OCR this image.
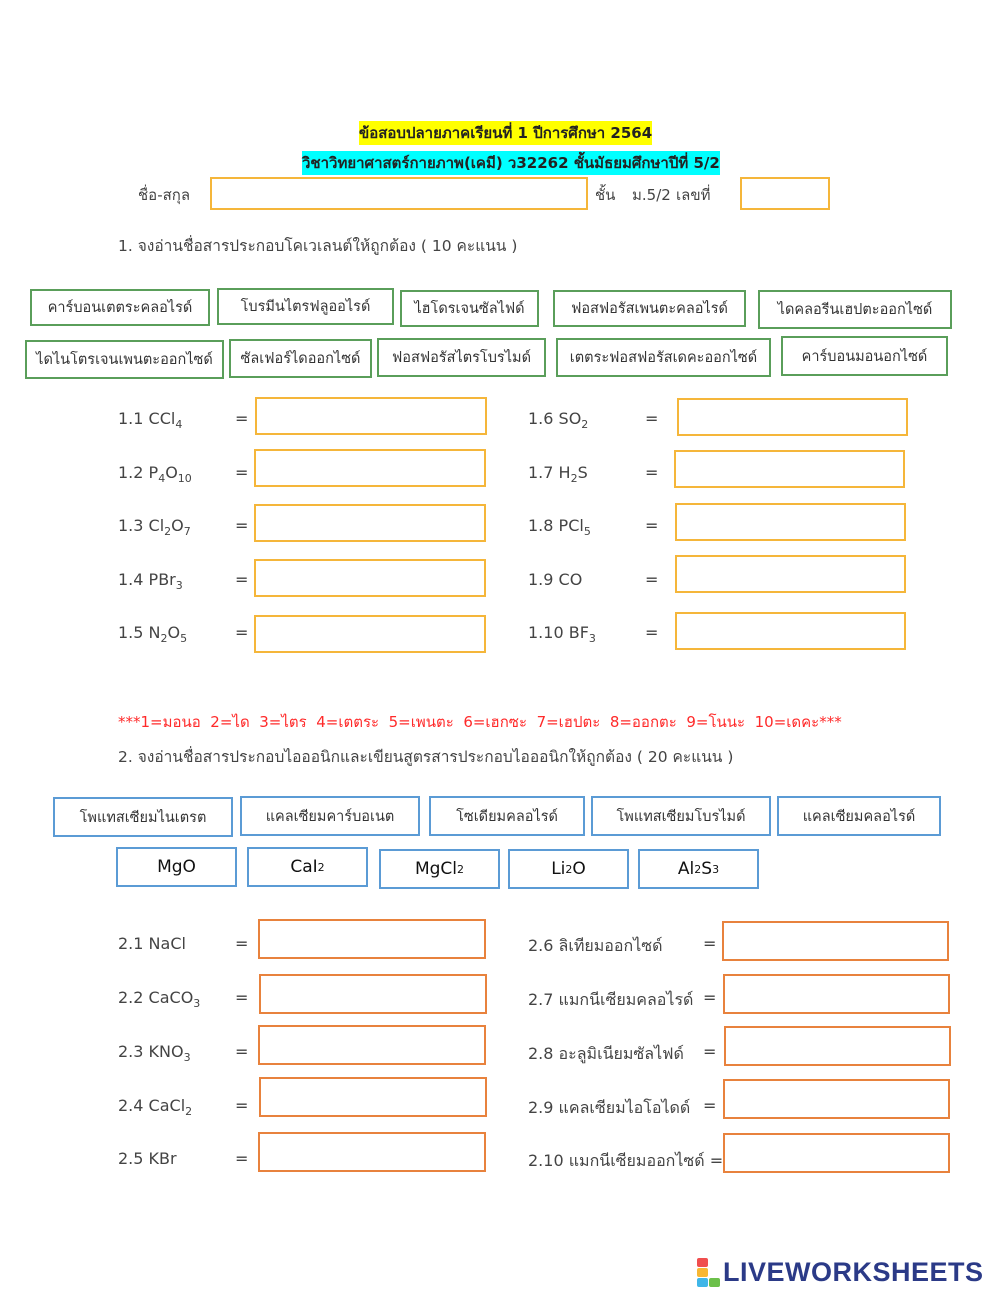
ข้อสอบปลายภาคเรียนที่ 1 ปีการศึกษา 2564
วิชาวิทยาศาสตร์กายภาพ(เคมี) ว32262 ชั้นมัธยมศึกษาปีที่ 5/2
ชื่อ-สกุล	ชั้น ม.5/2 เลขที่
1. จงอ่านชื่อสารประกอบโคเวเลนต์ให้ถูกต้อง ( 10 คะแนน )
คาร์บอนเตตระคลอไรด์	โบรมีนไตรฟลูออไรด์	ไฮโดรเจนซัลไฟด์	ฟอสฟอรัสเพนตะคลอไรด์	ไดคลอรีนเฮปตะออกไซด์
ไดไนโตรเจนเพนตะออกไซด์	ซัลเฟอร์ไดออกไซด์	ฟอสฟอรัสไตรโบรไมด์	เตตระฟอสฟอรัสเดคะออกไซด์	คาร์บอนมอนอกไซด์
1.1 CCl$_4$	=
1.2 $P_4O_{10}$	=
1.3 $Cl_2O_7$	=
1.4 PBr$_3$	=
1.5 $N_2O_5$	=
1.6 $SO_2$	=
1.7 $H_2S$	=
1.8 PCl$_5$	=
1.9 CO	=
1.10 $BF_3$	=
***1=มอนอ  2=ได  3=ไตร  4=เตตระ  5=เพนตะ  6=เฮกซะ  7=เฮปตะ  8=ออกตะ  9=โนนะ  10=เดคะ***
2. จงอ่านชื่อสารประกอบไอออนิกและเขียนสูตรสารประกอบไอออนิกให้ถูกต้อง ( 20 คะแนน )
โพแทสเซียมไนเตรต	แคลเซียมคาร์บอเนต	โซเดียมคลอไรด์	โพแทสเซียมโบรไมด์	แคลเซียมคลอไรด์
MgO	CaI 2	MgCl 2	Li 2 O	Al 2 S 3
2.1 NaCl	=
2.2 CaCO$_3$ =
2.3 $KNO_3$	=
2.4 CaCl$_2$	=
2.5 KBr	=
2.6 ลิเทียมออกไซด์	=
2.7 แมกนีเซียมคลอไรด์ =
2.8 อะลูมิเนียมซัลไฟด์ =
2.9 แคลเซียมไอโอไดด์ =
2.10 แมกนีเซียมออกไซด์ =
LIVEWORKSHEETS
